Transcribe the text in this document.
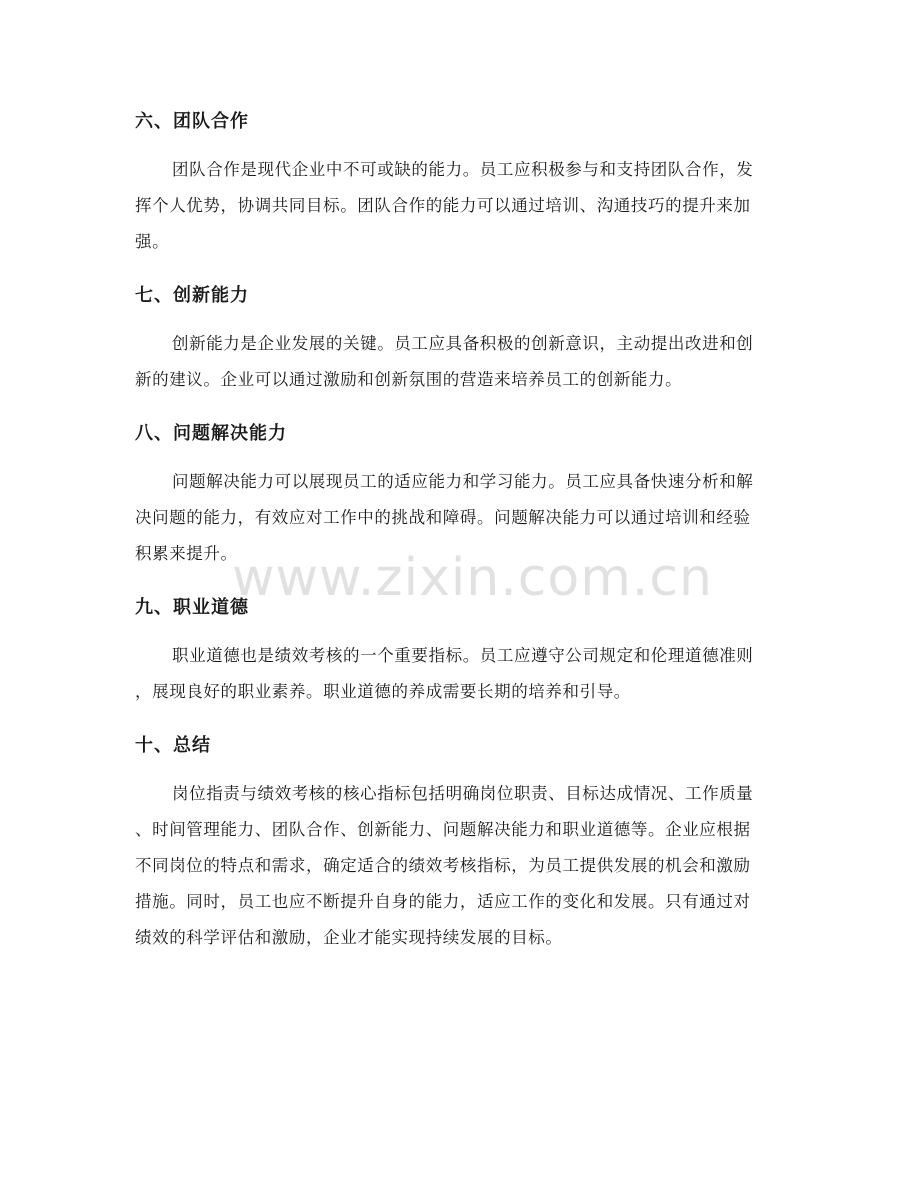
六、团队合作
团队合作是现代企业中不可或缺的能力。员工应积极参与和支持团队合作，发
挥个人优势，协调共同目标。团队合作的能力可以通过培训、沟通技巧的提升来加
强。
七、创新能力
创新能力是企业发展的关键。员工应具备积极的创新意识，主动提出改进和创
新的建议。企业可以通过激励和创新氛围的营造来培养员工的创新能力。
八、问题解决能力
问题解决能力可以展现员工的适应能力和学习能力。员工应具备快速分析和解
决问题的能力，有效应对工作中的挑战和障碍。问题解决能力可以通过培训和经验
积累来提升。
九、职业道德
职业道德也是绩效考核的一个重要指标。员工应遵守公司规定和伦理道德准则
，展现良好的职业素养。职业道德的养成需要长期的培养和引导。
十、总结
岗位指责与绩效考核的核心指标包括明确岗位职责、目标达成情况、工作质量
、时间管理能力、团队合作、创新能力、问题解决能力和职业道德等。企业应根据
不同岗位的特点和需求，确定适合的绩效考核指标，为员工提供发展的机会和激励
措施。同时，员工也应不断提升自身的能力，适应工作的变化和发展。只有通过对
绩效的科学评估和激励，企业才能实现持续发展的目标。
www.zixin.com.cn
